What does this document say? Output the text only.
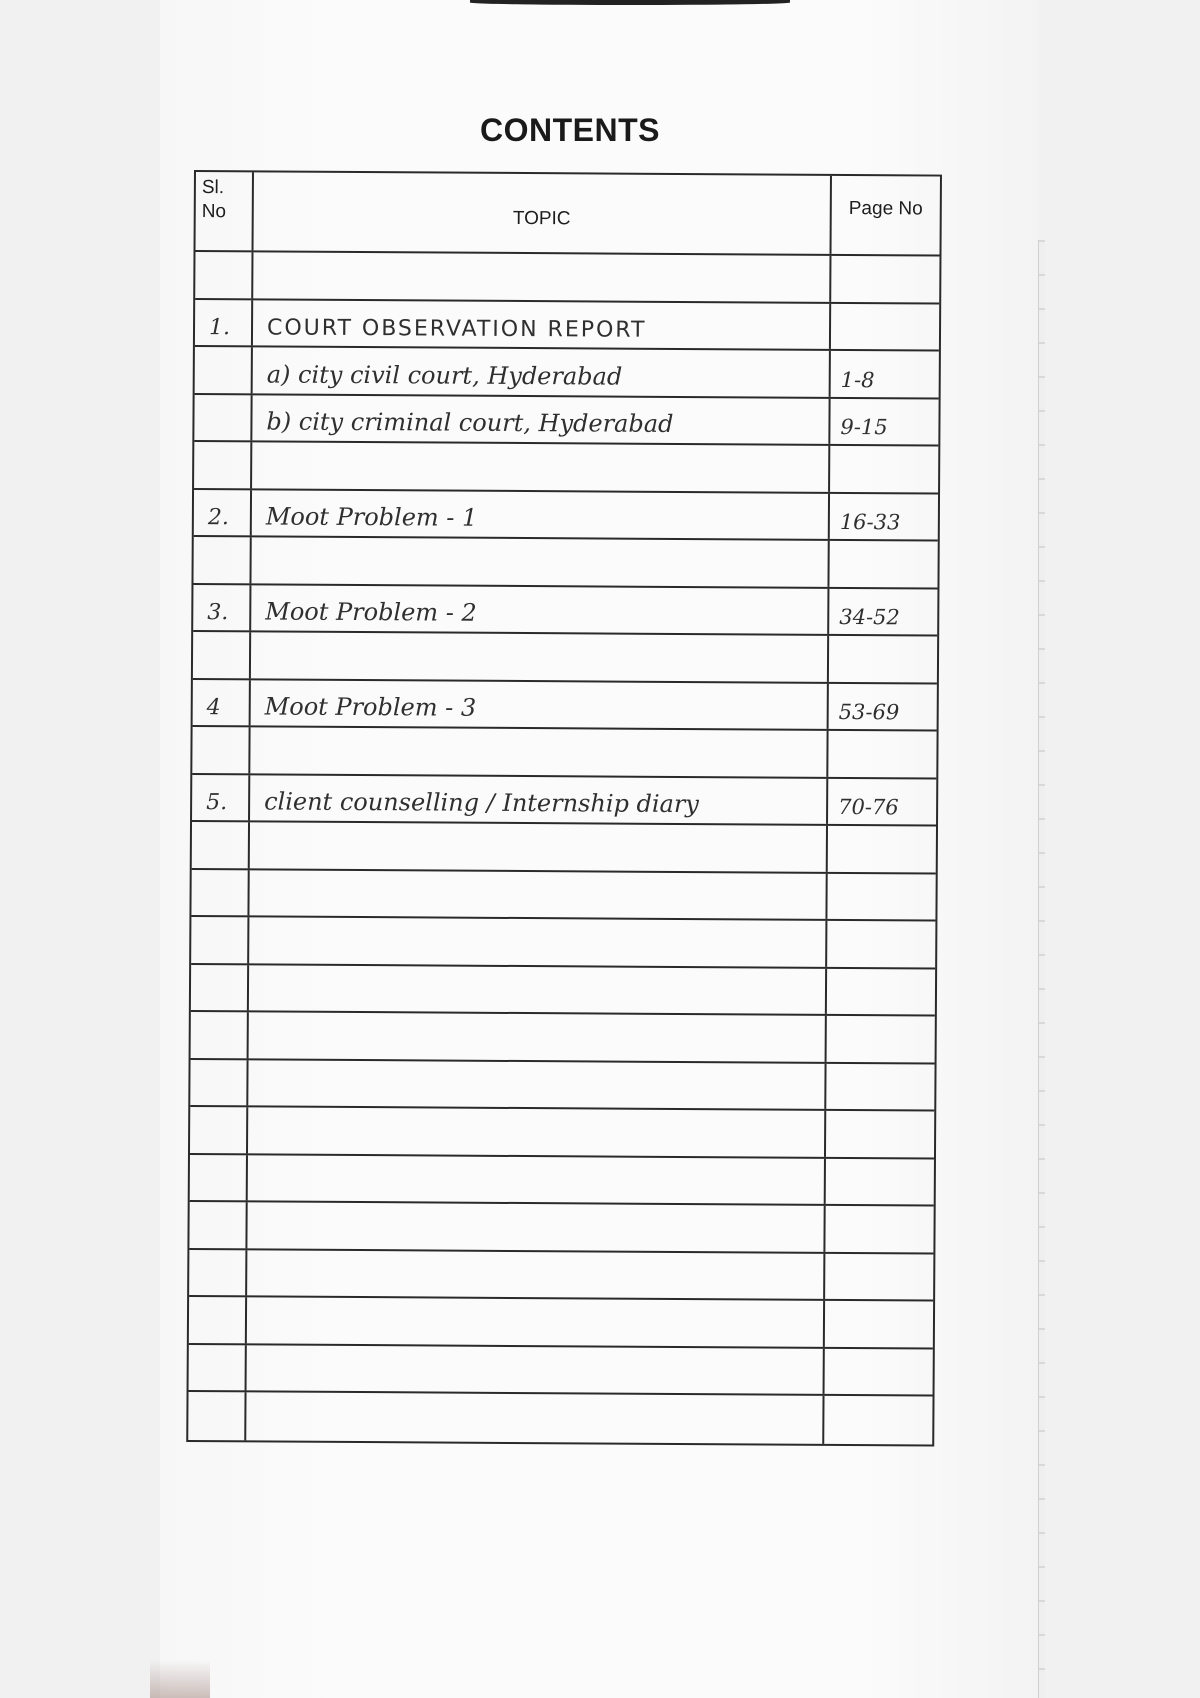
CONTENTS
Sl. No	TOPIC	Page No
1. COURT OBSERVATION REPORT
a) city civil court, Hyderabad	1-8
b) city criminal court, Hyderabad	9-15
2. Moot Problem - 1	16-33
3. Moot Problem - 2	34-52
4 Moot Problem - 3	53-69
5. client counselling / Internship diary	70-76
